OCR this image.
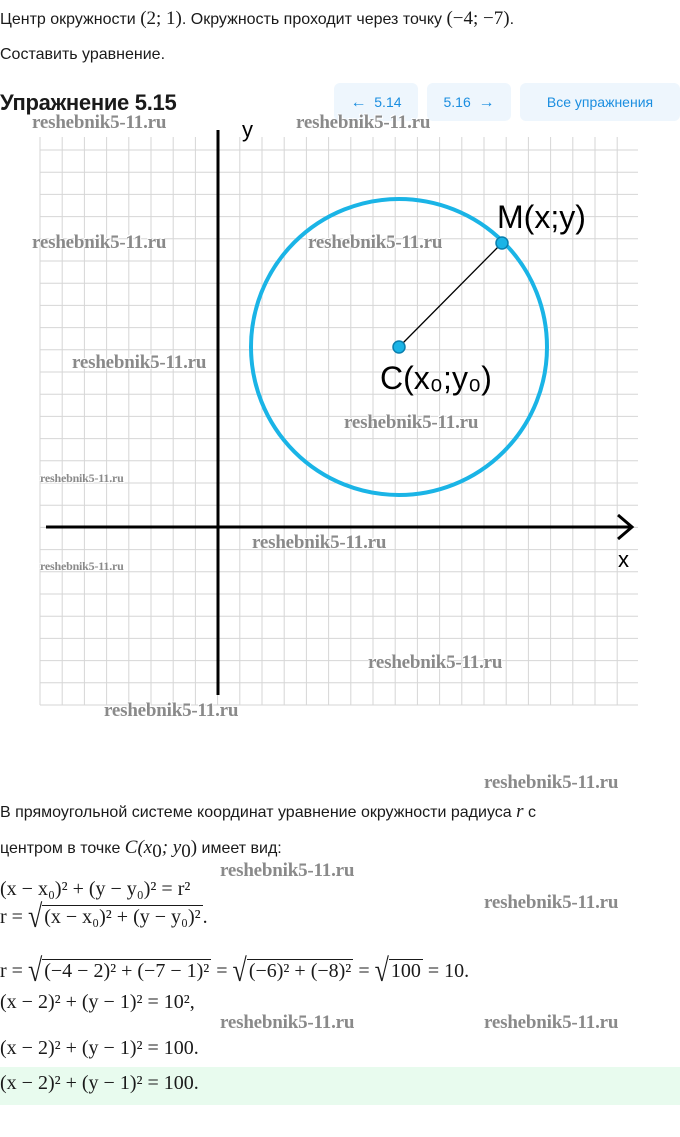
Центр окружности (2; 1). Окружность проходит через точку (−4; −7).
Составить уравнение.
Упражнение 5.15	← 5.14	5.16 →	Все упражнения
x
y
M(x;y)
C(x₀;y₀)
reshebnik5-11.ru	reshebnik5-11.ru
reshebnik5-11.ru	reshebnik5-11.ru
reshebnik5-11.ru
reshebnik5-11.ru
reshebnik5-11.ru
reshebnik5-11.ru
reshebnik5-11.ru
reshebnik5-11.ru
reshebnik5-11.ru
reshebnik5-11.ru
reshebnik5-11.ru
reshebnik5-11.ru
reshebnik5-11.ru	reshebnik5-11.ru
В прямоугольной системе координат уравнение окружности радиуса r с
центром в точке $C(x_0$; $y_0$) имеет вид:
(x − x₀)² + (y − y₀)² = r²
r = √ (x − x₀)² + (y − y₀)² .
r = √ (−4 − 2)² + (−7 − 1)² = √ (−6)² + (−8)² = √ 100 = 10.
(x − 2)² + (y − 1)² = 10²,
(x − 2)² + (y − 1)² = 100.
(x − 2)² + (y − 1)² = 100.
